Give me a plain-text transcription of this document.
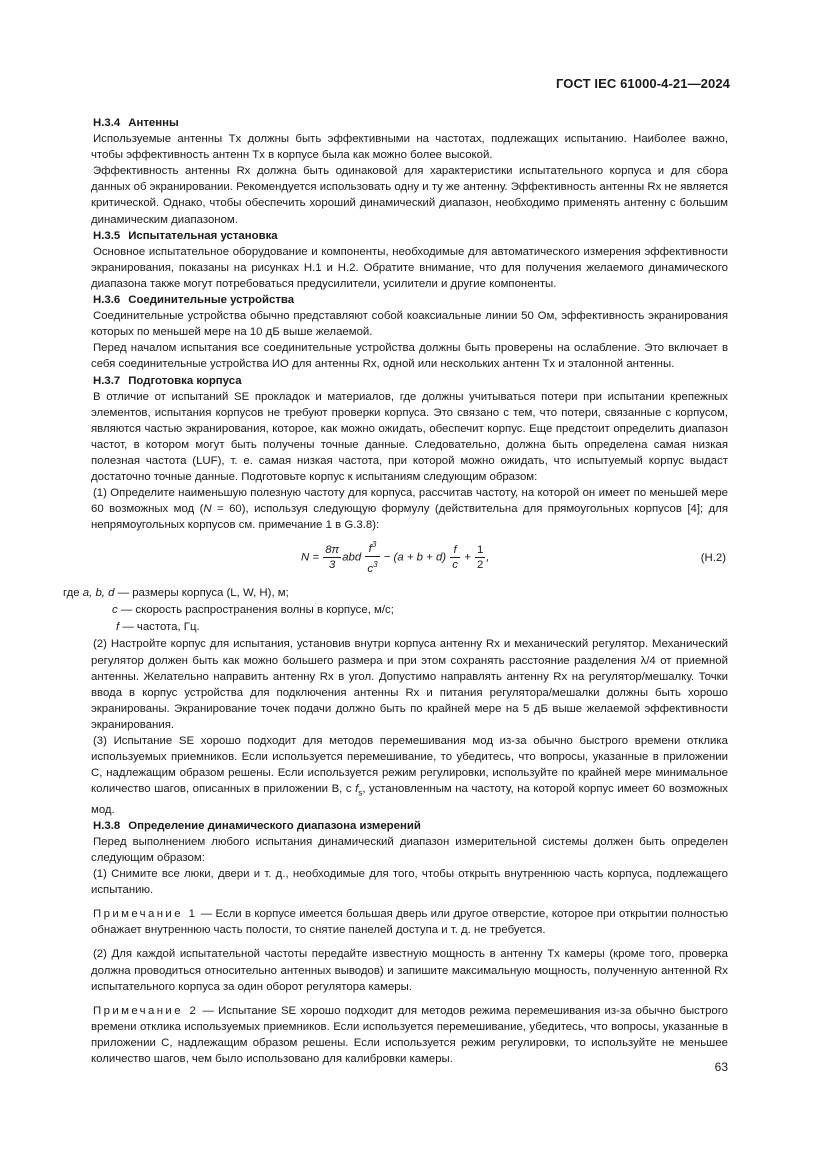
ГОСТ IEC 61000-4-21—2024
H.3.4 Антенны

Используемые антенны Tx должны быть эффективными на частотах, подлежащих испытанию. Наиболее важно, чтобы эффективность антенн Tx в корпусе была как можно более высокой.

Эффективность антенны Rx должна быть одинаковой для характеристики испытательного корпуса и для сбора данных об экранировании. Рекомендуется использовать одну и ту же антенну. Эффективность антенны Rx не является критической. Однако, чтобы обеспечить хороший динамический диапазон, необходимо применять антенну с большим динамическим диапазоном.

H.3.5 Испытательная установка

Основное испытательное оборудование и компоненты, необходимые для автоматического измерения эффективности экранирования, показаны на рисунках H.1 и H.2. Обратите внимание, что для получения желаемого динамического диапазона также могут потребоваться предусилители, усилители и другие компоненты.

H.3.6 Соединительные устройства

Соединительные устройства обычно представляют собой коаксиальные линии 50 Ом, эффективность экранирования которых по меньшей мере на 10 дБ выше желаемой.

Перед началом испытания все соединительные устройства должны быть проверены на ослабление. Это включает в себя соединительные устройства ИО для антенны Rx, одной или нескольких антенн Tx и эталонной антенны.

H.3.7 Подготовка корпуса

В отличие от испытаний SE прокладок и материалов, где должны учитываться потери при испытании крепежных элементов, испытания корпусов не требуют проверки корпуса. Это связано с тем, что потери, связанные с корпусом, являются частью экранирования, которое, как можно ожидать, обеспечит корпус. Еще предстоит определить диапазон частот, в котором могут быть получены точные данные. Следовательно, должна быть определена самая низкая полезная частота (LUF), т. е. самая низкая частота, при которой можно ожидать, что испытуемый корпус выдаст достаточно точные данные. Подготовьте корпус к испытаниям следующим образом:

(1) Определите наименьшую полезную частоту для корпуса, рассчитав частоту, на которой он имеет по меньшей мере 60 возможных мод (N = 60), используя следующую формулу (действительна для прямоугольных корпусов [4]; для непрямоугольных корпусов см. примечание 1 в G.3.8):

$N = \frac{8\pi}{3}$ abd $\frac{f^3}{c^3} - (a + b + d) \frac{f}{c} + \frac{1}{2}$ ,	(H.2)
где a, b, d — размеры корпуса (L, W, H), м;
c — скорость распространения волны в корпусе, м/с;
f — частота, Гц.

(2) Настройте корпус для испытания, установив внутри корпуса антенну Rx и механический регулятор. Механический регулятор должен быть как можно большего размера и при этом сохранять расстояние разделения λ/4 от приемной антенны. Желательно направить антенну Rx в угол. Допустимо направлять антенну Rx на регулятор/мешалку. Точки ввода в корпус устройства для подключения антенны Rx и питания регулятора/мешалки должны быть хорошо экранированы. Экранирование точек подачи должно быть по крайней мере на 5 дБ выше желаемой эффективности экранирования.

(3) Испытание SE хорошо подходит для методов перемешивания мод из-за обычно быстрого времени отклика используемых приемников. Если используется перемешивание, то убедитесь, что вопросы, указанные в приложении C, надлежащим образом решены. Если используется режим регулировки, используйте по крайней мере минимальное количество шагов, описанных в приложении B, с $f_s$, установленным на частоту, на которой корпус имеет 60 возможных мод.

H.3.8 Определение динамического диапазона измерений

Перед выполнением любого испытания динамический диапазон измерительной системы должен быть определен следующим образом:

(1) Снимите все люки, двери и т. д., необходимые для того, чтобы открыть внутреннюю часть корпуса, подлежащего испытанию.

Примечание 1 — Если в корпусе имеется большая дверь или другое отверстие, которое при открытии полностью обнажает внутреннюю часть полости, то снятие панелей доступа и т. д. не требуется.

(2) Для каждой испытательной частоты передайте известную мощность в антенну Tx камеры (кроме того, проверка должна проводиться относительно антенных выводов) и запишите максимальную мощность, полученную антенной Rx испытательного корпуса за один оборот регулятора камеры.

Примечание 2 — Испытание SE хорошо подходит для методов режима перемешивания из-за обычно быстрого времени отклика используемых приемников. Если используется перемешивание, убедитесь, что вопросы, указанные в приложении C, надлежащим образом решены. Если используется режим регулировки, то используйте не меньшее количество шагов, чем было использовано для калибровки камеры.

63
